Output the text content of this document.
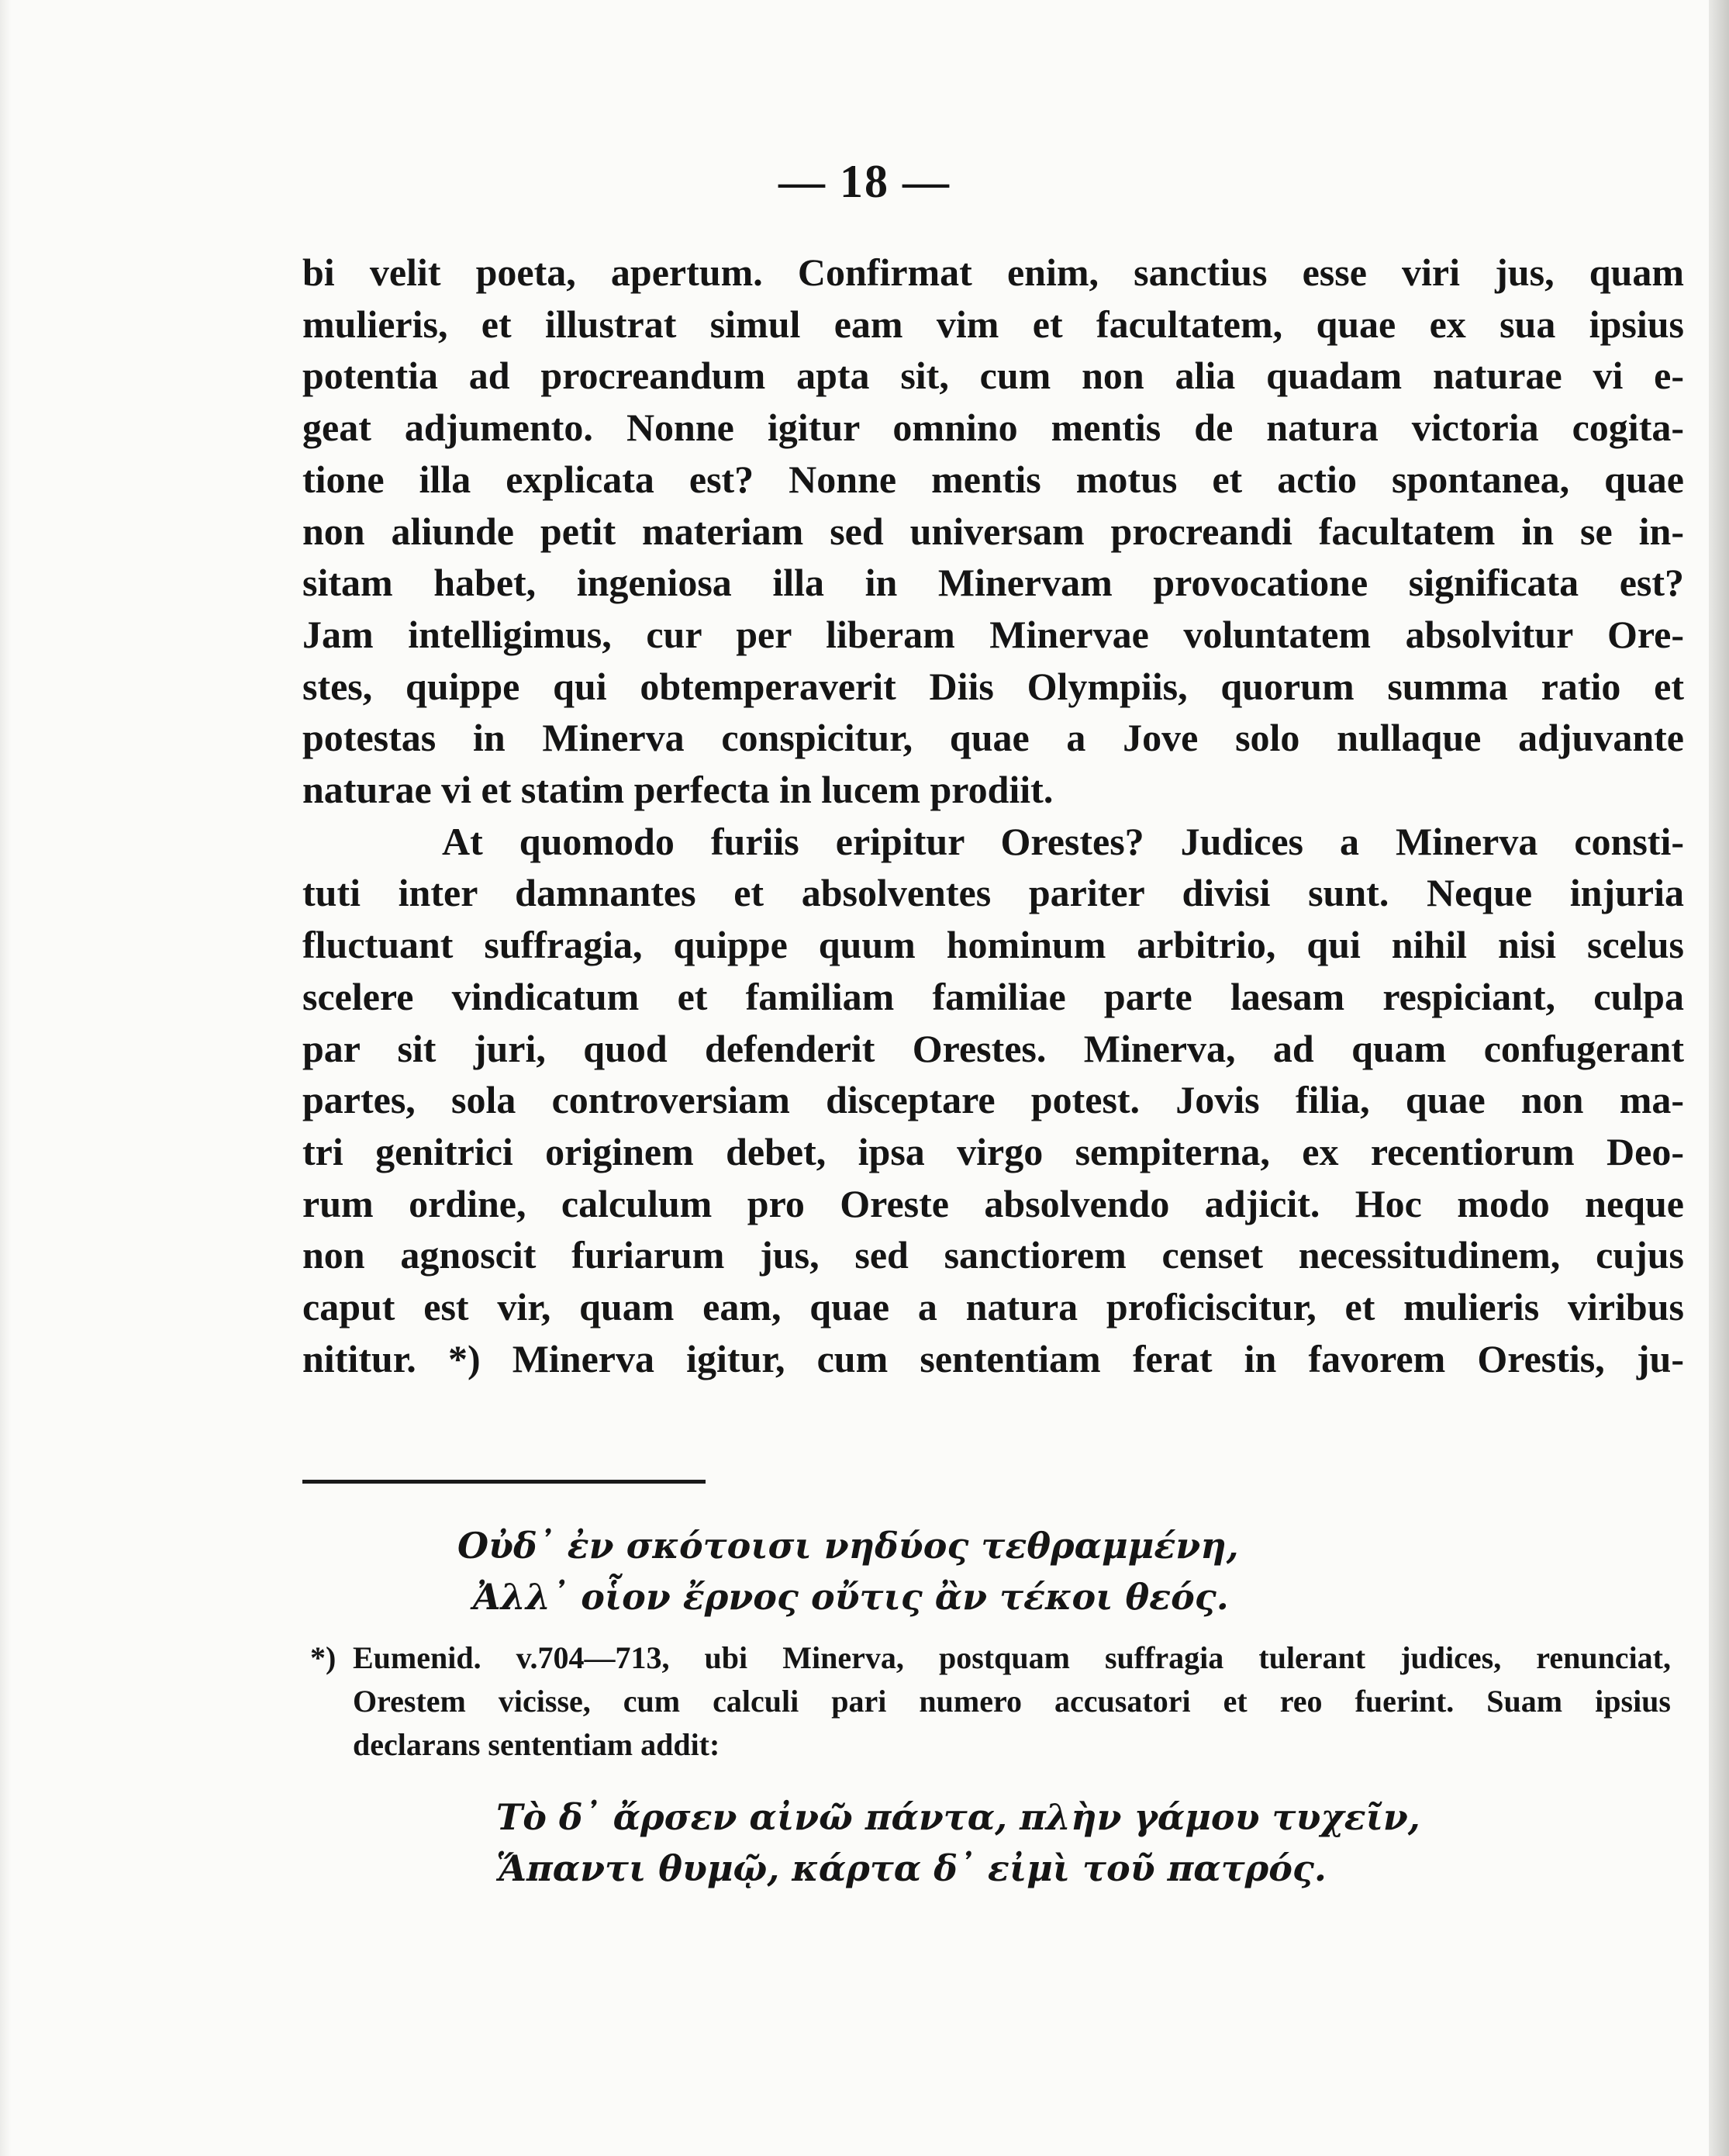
— 18 —
bi velit poeta, apertum. Confirmat enim, sanctius esse viri jus, quam
mulieris, et illustrat simul eam vim et facultatem, quae ex sua ipsius
potentia ad procreandum apta sit, cum non alia quadam naturae vi e-
geat adjumento. Nonne igitur omnino mentis de natura victoria cogita-
tione illa explicata est? Nonne mentis motus et actio spontanea, quae
non aliunde petit materiam sed universam procreandi facultatem in se in-
sitam habet, ingeniosa illa in Minervam provocatione significata est?
Jam intelligimus, cur per liberam Minervae voluntatem absolvitur Ore-
stes, quippe qui obtemperaverit Diis Olympiis, quorum summa ratio et
potestas in Minerva conspicitur, quae a Jove solo nullaque adjuvante
naturae vi et statim perfecta in lucem prodiit.
At quomodo furiis eripitur Orestes? Judices a Minerva consti-
tuti inter damnantes et absolventes pariter divisi sunt. Neque injuria
fluctuant suffragia, quippe quum hominum arbitrio, qui nihil nisi scelus
scelere vindicatum et familiam familiae parte laesam respiciant, culpa
par sit juri, quod defenderit Orestes. Minerva, ad quam confugerant
partes, sola controversiam disceptare potest. Jovis filia, quae non ma-
tri genitrici originem debet, ipsa virgo sempiterna, ex recentiorum Deo-
rum ordine, calculum pro Oreste absolvendo adjicit. Hoc modo neque
non agnoscit furiarum jus, sed sanctiorem censet necessitudinem, cujus
caput est vir, quam eam, quae a natura proficiscitur, et mulieris viribus
nititur. *) Minerva igitur, cum sententiam ferat in favorem Orestis, ju-
Οὐδ᾽ ἐν σκότοισι νηδύος τεθραμμένη,
Ἀλλ᾽ οἷον ἔρνος οὔτις ἂν τέκοι θεός.
*) Eumenid. v.704—713, ubi Minerva, postquam suffragia tulerant judices, renunciat,
Orestem vicisse, cum calculi pari numero accusatori et reo fuerint. Suam ipsius
declarans sententiam addit:
Τὸ δ᾽ ἄρσεν αἰνῶ πάντα, πλὴν γάμου τυχεῖν,
Ἅπαντι θυμῷ, κάρτα δ᾽ εἰμὶ τοῦ πατρός.
